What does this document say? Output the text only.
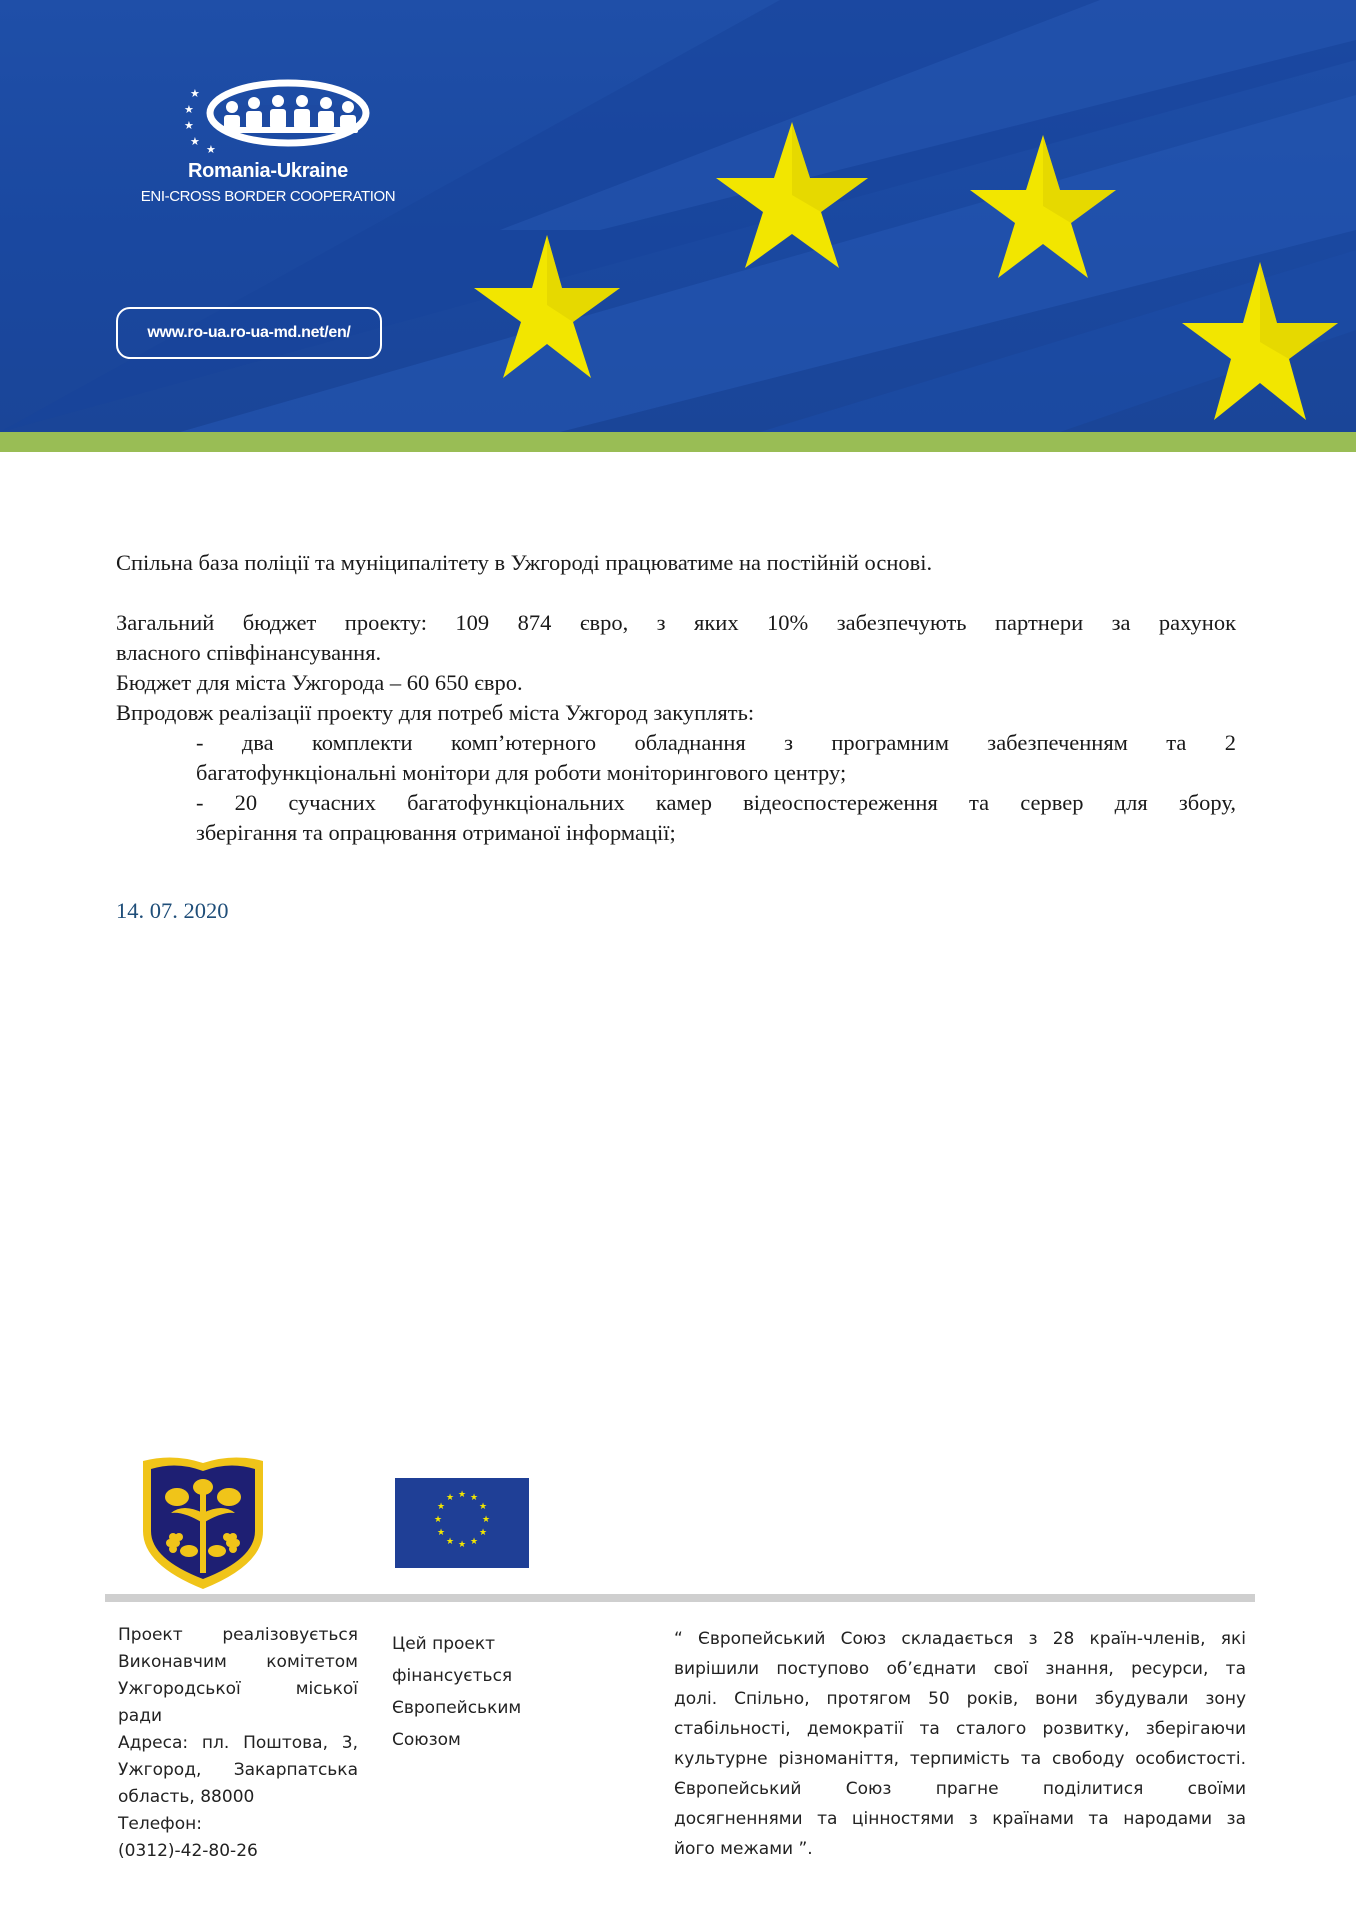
★
★
★
★
★
Romania-Ukraine
ENI-CROSS BORDER COOPERATION
www.ro-ua.ro-ua-md.net/en/

Спільна база поліції та муніципалітету в Ужгороді працюватиме на постійній основі.

Загальний бюджет проекту: 109 874 євро, з яких 10% забезпечують партнери за рахунок

власного співфінансування.

Бюджет для міста Ужгорода – 60 650 євро.

Впродовж реалізації проекту для потреб міста Ужгород закуплять:

- два комплекти комп’ютерного обладнання з програмним забезпеченням та 2

багатофункціональні монітори для роботи моніторингового центру;

- 20 сучасних багатофункціональних камер відеоспостереження та сервер для збору,

зберігання та опрацювання отриманої інформації;

14. 07. 2020
★ ★
★
★
★
★
★
★
★
★
★
★
Проект реалізовується
Виконавчим комітетом
Ужгородської міської
ради
Адреса: пл. Поштова, 3,
Ужгород, Закарпатська
область, 88000
Телефон:
(0312)-42-80-26
Цей проект
фінансується
Європейським
Союзом
“ Європейський Союз складається з 28 країн-членів, які
вирішили поступово об’єднати свої знання, ресурси, та
долі. Спільно, протягом 50 років, вони збудували зону
стабільності, демократії та сталого розвитку, зберігаючи
культурне різноманіття, терпимість та свободу особистості.
Європейський Союз прагне поділитися своїми
досягненнями та цінностями з країнами та народами за
його межами ”.
